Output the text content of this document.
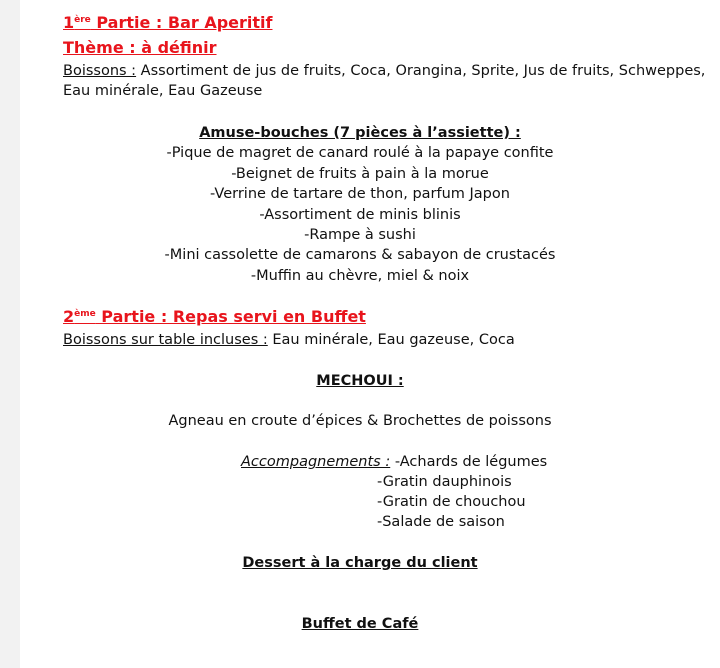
1ère Partie : Bar Aperitif
Thème : à définir
Boissons : Assortiment de jus de fruits, Coca, Orangina, Sprite, Jus de fruits, Schweppes,
Eau minérale, Eau Gazeuse
Amuse-bouches (7 pièces à l’assiette) :
-Pique de magret de canard roulé à la papaye confite
-Beignet de fruits à pain à la morue
-Verrine de tartare de thon, parfum Japon
-Assortiment de minis blinis
-Rampe à sushi
-Mini cassolette de camarons & sabayon de crustacés
-Muffin au chèvre, miel & noix
2ème Partie : Repas servi en Buffet
Boissons sur table incluses : Eau minérale, Eau gazeuse, Coca
MECHOUI :
Agneau en croute d’épices & Brochettes de poissons
Accompagnements : -Achards de légumes
-Gratin dauphinois
-Gratin de chouchou
-Salade de saison
Dessert à la charge du client
Buffet de Café
